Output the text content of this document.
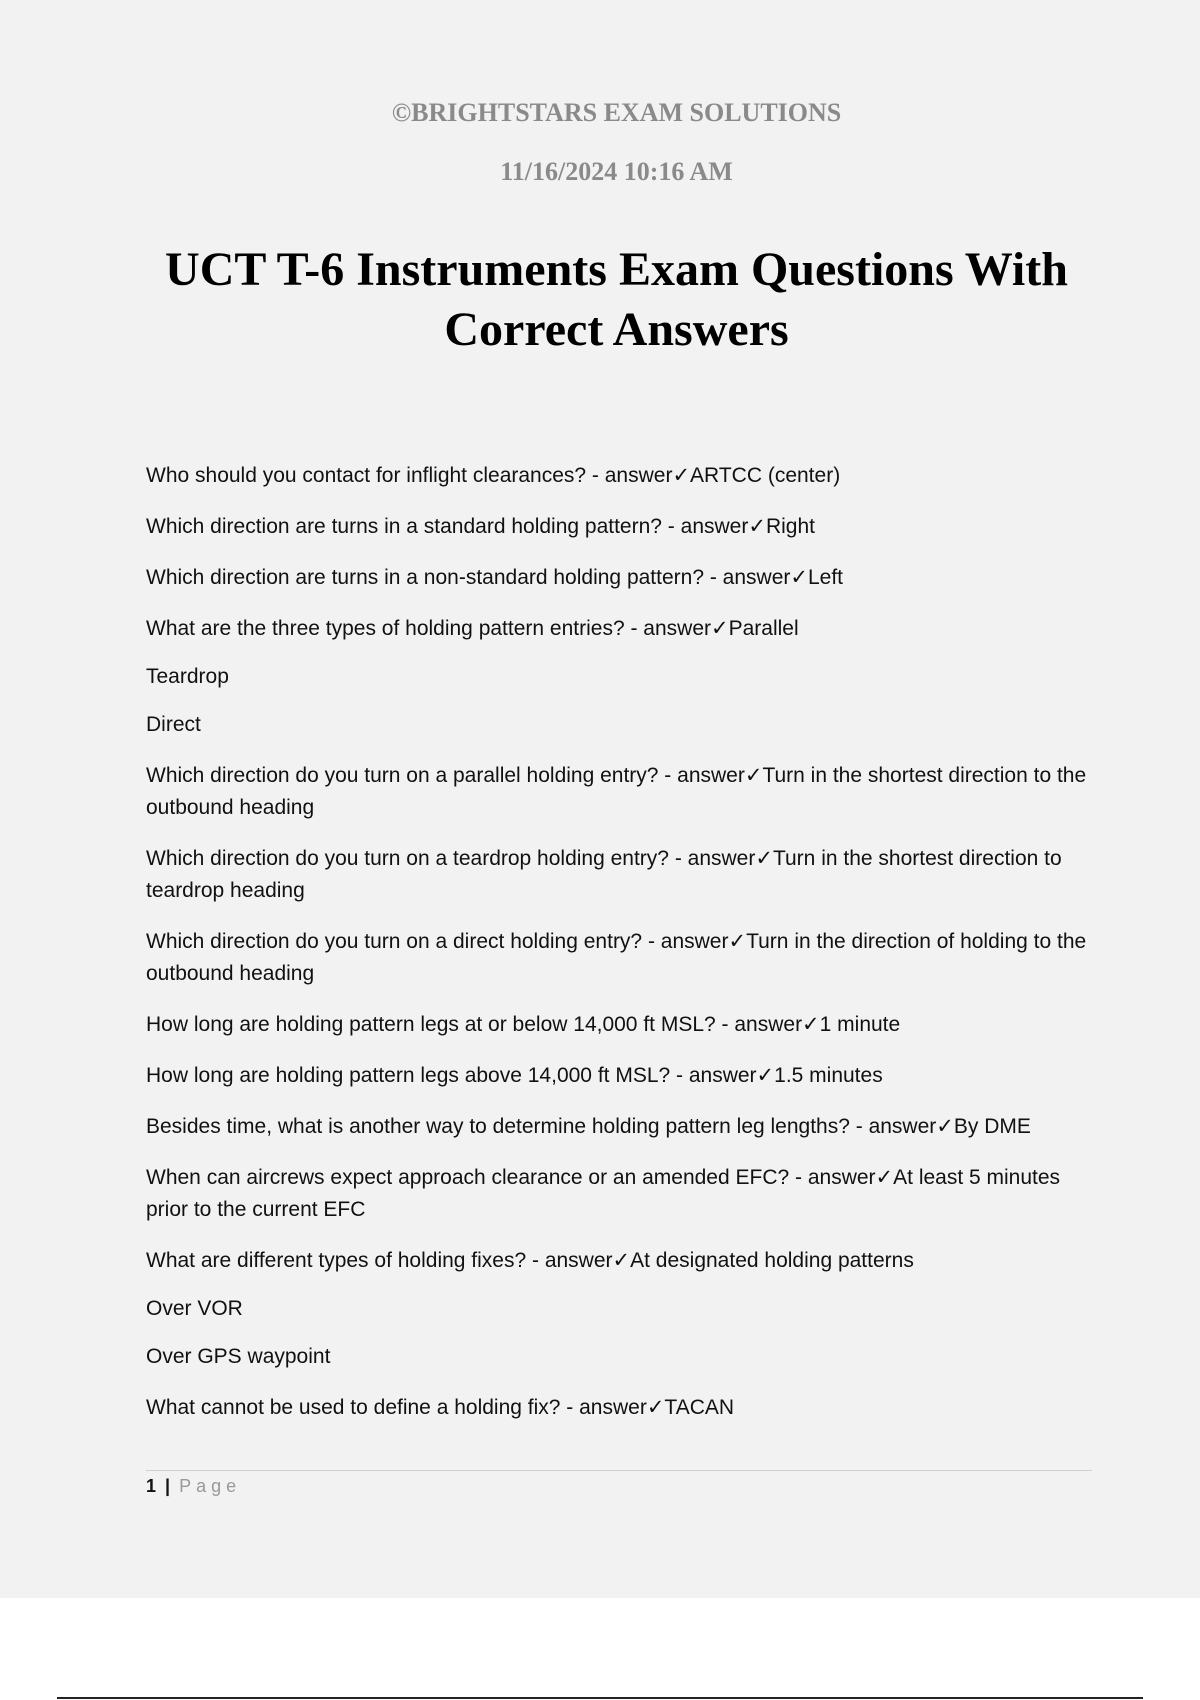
©BRIGHTSTARS EXAM SOLUTIONS

11/16/2024 10:16 AM

UCT T-6 Instruments Exam Questions With
Correct Answers
Who should you contact for inflight clearances? - answer✓ARTCC (center)
Which direction are turns in a standard holding pattern? - answer✓Right
Which direction are turns in a non-standard holding pattern? - answer✓Left
What are the three types of holding pattern entries? - answer✓Parallel
Teardrop
Direct
Which direction do you turn on a parallel holding entry? - answer✓Turn in the shortest direction to the outbound heading
Which direction do you turn on a teardrop holding entry? - answer✓Turn in the shortest direction to teardrop heading
Which direction do you turn on a direct holding entry? - answer✓Turn in the direction of holding to the outbound heading
How long are holding pattern legs at or below 14,000 ft MSL? - answer✓1 minute
How long are holding pattern legs above 14,000 ft MSL? - answer✓1.5 minutes
Besides time, what is another way to determine holding pattern leg lengths? - answer✓By DME
When can aircrews expect approach clearance or an amended EFC? - answer✓At least 5 minutes prior to the current EFC
What are different types of holding fixes? - answer✓At designated holding patterns
Over VOR
Over GPS waypoint
What cannot be used to define a holding fix? - answer✓TACAN
1 | Page
